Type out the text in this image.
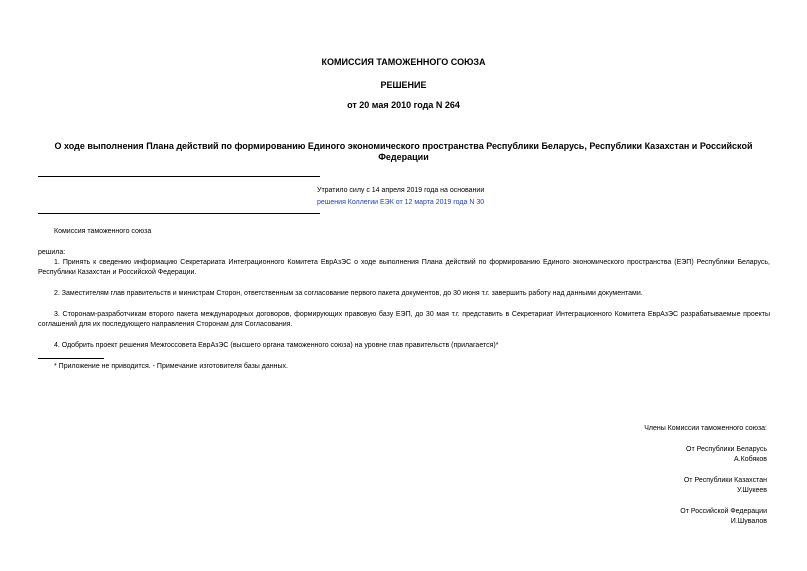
КОМИССИЯ ТАМОЖЕННОГО СОЮЗА
РЕШЕНИЕ
от 20 мая 2010 года N 264
О ходе выполнения Плана действий по формированию Единого экономического пространства Республики Беларусь, Республики Казахстан и Российской Федерации
Утратило силу с 14 апреля 2019 года на основании
решения Коллегии ЕЭК от 12 марта 2019 года N 30
Комиссия таможенного союза
решила:
1. Принять к сведению информацию Секретариата Интеграционного Комитета ЕврАзЭС о ходе выполнения Плана действий по формированию Единого экономического пространства (ЕЭП) Республики Беларусь, Республики Казахстан и Российской Федерации.
2. Заместителям глав правительств и министрам Сторон, ответственным за согласование первого пакета документов, до 30 июня т.г. завершить работу над данными документами.
3. Сторонам-разработчикам второго пакета международных договоров, формирующих правовую базу ЕЭП, до 30 мая т.г. представить в Секретариат Интеграционного Комитета ЕврАзЭС разрабатываемые проекты соглашений для их последующего направления Сторонам для Согласования.
4. Одобрить проект решения Межгоссовета ЕврАзЭС (высшего органа таможенного союза) на уровне глав правительств (прилагается)*
* Приложение не приводится. - Примечание изготовителя базы данных.
Члены Комиссии таможенного союза:
От Республики Беларусь
А.Кобяков
От Республики Казахстан
У.Шукеев
От Российской Федерации
И.Шувалов
